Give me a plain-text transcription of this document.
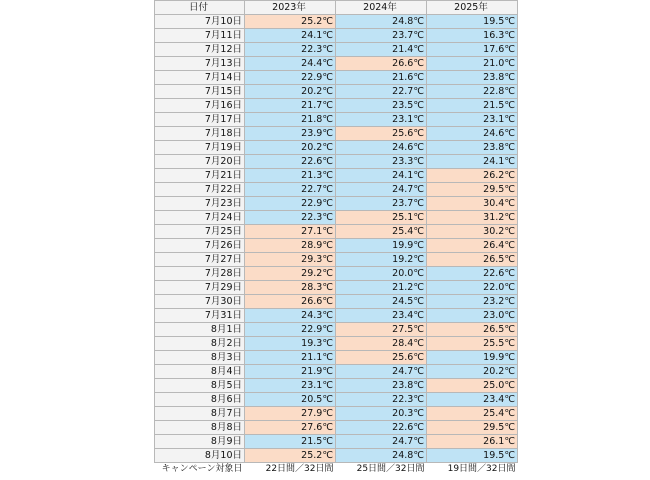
日付	2023年	2024年	2025年
7月10日	25.2℃	24.8℃	19.5℃
7月11日	24.1℃	23.7℃	16.3℃
7月12日	22.3℃	21.4℃	17.6℃
7月13日	24.4℃	26.6℃	21.0℃
7月14日	22.9℃	21.6℃	23.8℃
7月15日	20.2℃	22.7℃	22.8℃
7月16日	21.7℃	23.5℃	21.5℃
7月17日	21.8℃	23.1℃	23.1℃
7月18日	23.9℃	25.6℃	24.6℃
7月19日	20.2℃	24.6℃	23.8℃
7月20日	22.6℃	23.3℃	24.1℃
7月21日	21.3℃	24.1℃	26.2℃
7月22日	22.7℃	24.7℃	29.5℃
7月23日	22.9℃	23.7℃	30.4℃
7月24日	22.3℃	25.1℃	31.2℃
7月25日	27.1℃	25.4℃	30.2℃
7月26日	28.9℃	19.9℃	26.4℃
7月27日	29.3℃	19.2℃	26.5℃
7月28日	29.2℃	20.0℃	22.6℃
7月29日	28.3℃	21.2℃	22.0℃
7月30日	26.6℃	24.5℃	23.2℃
7月31日	24.3℃	23.4℃	23.0℃
8月1日	22.9℃	27.5℃	26.5℃
8月2日	19.3℃	28.4℃	25.5℃
8月3日	21.1℃	25.6℃	19.9℃
8月4日	21.9℃	24.7℃	20.2℃
8月5日	23.1℃	23.8℃	25.0℃
8月6日	20.5℃	22.3℃	23.4℃
8月7日	27.9℃	20.3℃	25.4℃
8月8日	27.6℃	22.6℃	29.5℃
8月9日	21.5℃	24.7℃	26.1℃
8月10日	25.2℃	24.8℃	19.5℃
キャンペーン対象日	22日間／32日間	25日間／32日間	19日間／32日間
